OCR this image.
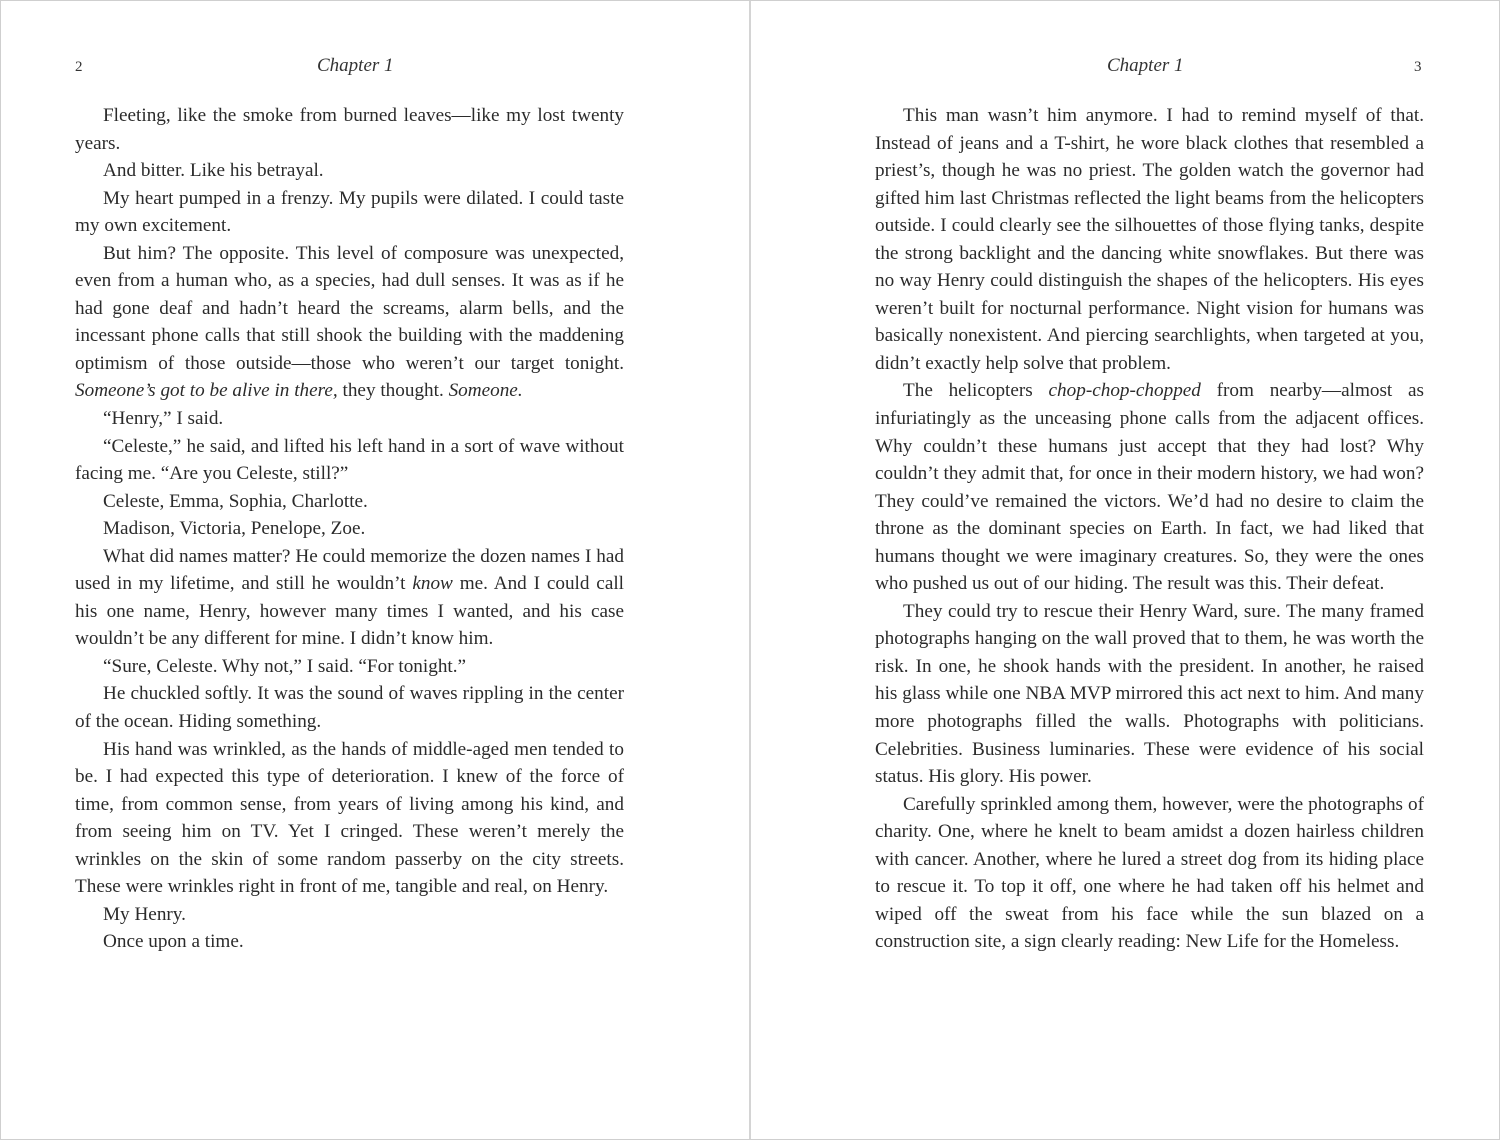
2	Chapter 1

Fleeting, like the smoke from burned leaves—like my lost twenty years.

And bitter. Like his betrayal.

My heart pumped in a frenzy. My pupils were dilated. I could taste my own excitement.

But him? The opposite. This level of composure was unexpected, even from a human who, as a species, had dull senses. It was as if he had gone deaf and hadn’t heard the screams, alarm bells, and the incessant phone calls that still shook the building with the maddening optimism of those outside—those who weren’t our target tonight. Someone’s got to be alive in there, they thought. Someone.

“Henry,” I said.

“Celeste,” he said, and lifted his left hand in a sort of wave without facing me. “Are you Celeste, still?”

Celeste, Emma, Sophia, Charlotte.

Madison, Victoria, Penelope, Zoe.

What did names matter? He could memorize the dozen names I had used in my lifetime, and still he wouldn’t know me. And I could call his one name, Henry, however many times I wanted, and his case wouldn’t be any different for mine. I didn’t know him.

“Sure, Celeste. Why not,” I said. “For tonight.”

He chuckled softly. It was the sound of waves rippling in the center of the ocean. Hiding something.

His hand was wrinkled, as the hands of middle-aged men tended to be. I had expected this type of deterioration. I knew of the force of time, from common sense, from years of living among his kind, and from seeing him on TV. Yet I cringed. These weren’t merely the wrinkles on the skin of some random passerby on the city streets. These were wrinkles right in front of me, tangible and real, on Henry.

My Henry.

Once upon a time.

Chapter 1	3

This man wasn’t him anymore. I had to remind myself of that. Instead of jeans and a T-shirt, he wore black clothes that resembled a priest’s, though he was no priest. The golden watch the governor had gifted him last Christmas reflected the light beams from the helicopters outside. I could clearly see the silhouettes of those flying tanks, despite the strong backlight and the dancing white snowflakes. But there was no way Henry could distinguish the shapes of the helicopters. His eyes weren’t built for nocturnal performance. Night vision for humans was basically nonexistent. And piercing searchlights, when targeted at you, didn’t exactly help solve that problem.

The helicopters chop-chop-chopped from nearby—almost as infuriatingly as the unceasing phone calls from the adjacent offices. Why couldn’t these humans just accept that they had lost? Why couldn’t they admit that, for once in their modern history, we had won? They could’ve remained the victors. We’d had no desire to claim the throne as the dominant species on Earth. In fact, we had liked that humans thought we were imaginary creatures. So, they were the ones who pushed us out of our hiding. The result was this. Their defeat.

They could try to rescue their Henry Ward, sure. The many framed photographs hanging on the wall proved that to them, he was worth the risk. In one, he shook hands with the president. In another, he raised his glass while one NBA MVP mirrored this act next to him. And many more photographs filled the walls. Photographs with politicians. Celebrities. Business luminaries. These were evidence of his social status. His glory. His power.

Carefully sprinkled among them, however, were the photographs of charity. One, where he knelt to beam amidst a dozen hairless children with cancer. Another, where he lured a street dog from its hiding place to rescue it. To top it off, one where he had taken off his helmet and wiped off the sweat from his face while the sun blazed on a construction site, a sign clearly reading: New Life for the Homeless.
